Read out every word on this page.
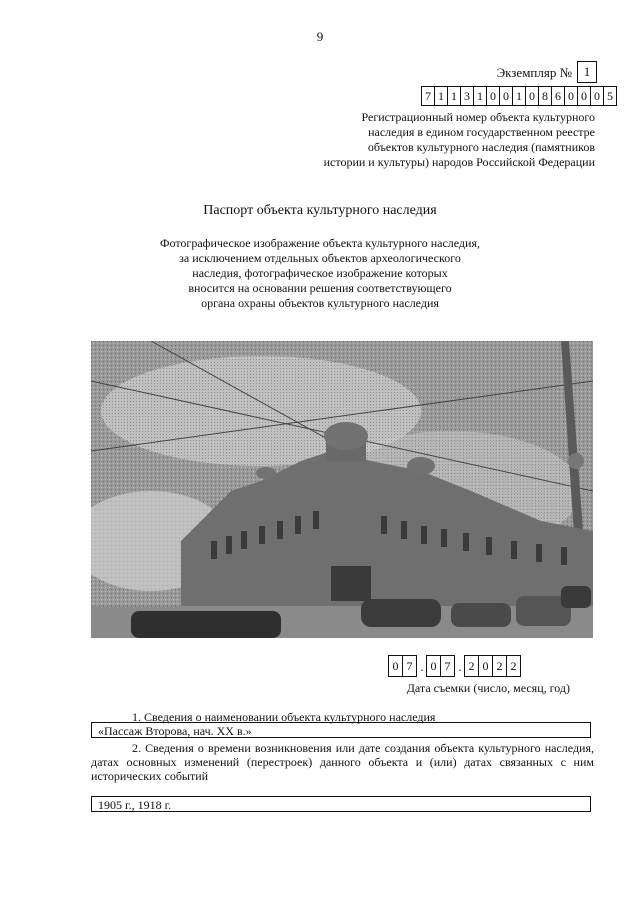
9
Экземпляр № 1
7 1 1 3 1 0 0 1 0 8 6 0 0 0 5
Регистрационный номер объекта культурного
наследия в едином государственном реестре
объектов культурного наследия (памятников
истории и культуры) народов Российской Федерации
Паспорт объекта культурного наследия
Фотографическое изображение объекта культурного наследия,
за исключением отдельных объектов археологического
наследия, фотографическое изображение которых
вносится на основании решения соответствующего
органа охраны объектов культурного наследия
0 7 . 0 7 . 2 0 2 2
Дата съемки (число, месяц, год)
1. Сведения о наименовании объекта культурного наследия
«Пассаж Второва, нач. XX в.»
2. Сведения о времени возникновения или дате создания объекта культурного наследия, датах основных изменений (перестроек) данного объекта и (или) датах связанных с ним исторических событий
1905 г., 1918 г.
